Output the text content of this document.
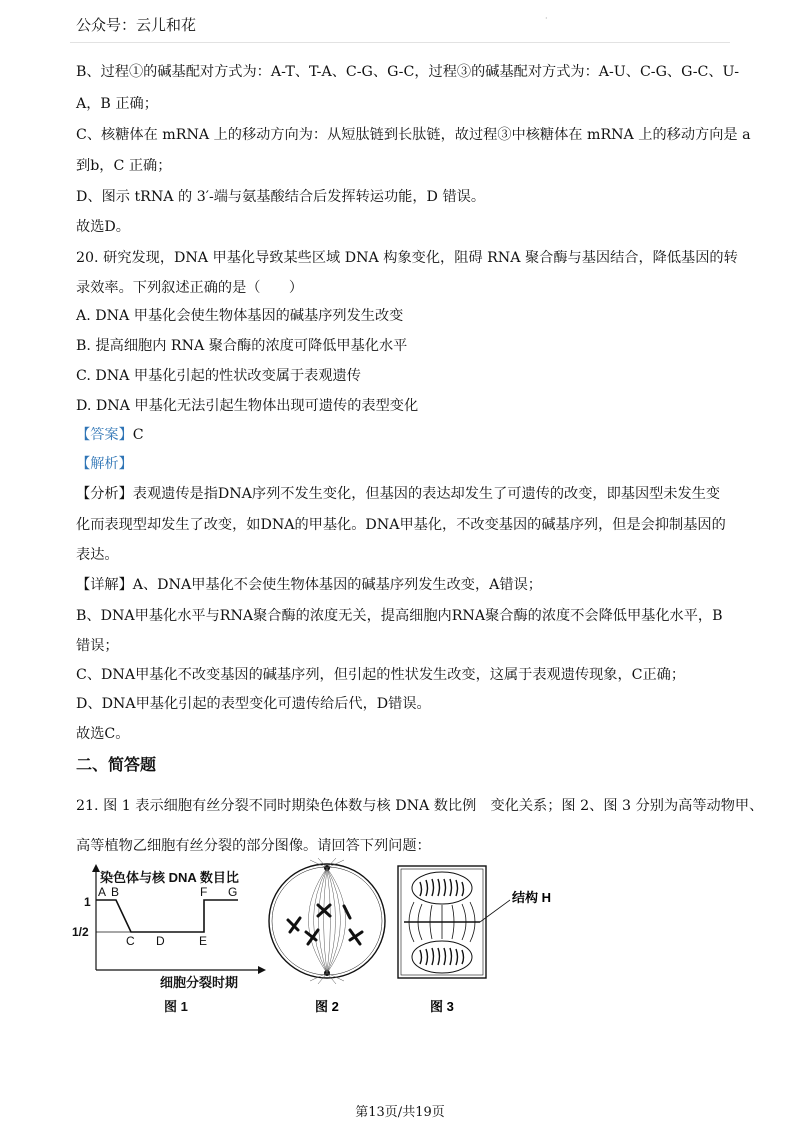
公众号：云儿和花	·
B、过程①的碱基配对方式为：A-T、T-A、C-G、G-C，过程③的碱基配对方式为：A-U、C-G、G-C、U-
A，B 正确；
C、核糖体在 mRNA 上的移动方向为：从短肽链到长肽链，故过程③中核糖体在 mRNA 上的移动方向是 a
到b，C 正确；
D、图示 tRNA 的 3′-端与氨基酸结合后发挥转运功能，D 错误。
故选D。
20. 研究发现，DNA 甲基化导致某些区域 DNA 构象变化，阻碍 RNA 聚合酶与基因结合，降低基因的转
录效率。下列叙述正确的是（　　）
A. DNA 甲基化会使生物体基因的碱基序列发生改变
B. 提高细胞内 RNA 聚合酶的浓度可降低甲基化水平
C. DNA 甲基化引起的性状改变属于表观遗传
D. DNA 甲基化无法引起生物体出现可遗传的表型变化
【答案】C
【解析】
【分析】表观遗传是指DNA序列不发生变化，但基因的表达却发生了可遗传的改变，即基因型未发生变
化而表现型却发生了改变，如DNA的甲基化。DNA甲基化，不改变基因的碱基序列，但是会抑制基因的
表达。
【详解】A、DNA甲基化不会使生物体基因的碱基序列发生改变，A错误；
B、DNA甲基化水平与RNA聚合酶的浓度无关，提高细胞内RNA聚合酶的浓度不会降低甲基化水平，B
错误；
C、DNA甲基化不改变基因的碱基序列，但引起的性状发生改变，这属于表观遗传现象，C正确；
D、DNA甲基化引起的表型变化可遗传给后代，D错误。
故选C。
二、简答题
21. 图 1 表示细胞有丝分裂不同时期染色体数与核 DNA 数比例　变化关系；图 2、图 3 分别为高等动物甲、
高等植物乙细胞有丝分裂的部分图像。请回答下列问题：
染色体与核 DNA 数目比
1
1/2
A B
C D	E
F G
细胞分裂时期
图 1	图 2
结构 H
图 3
第13页/共19页
